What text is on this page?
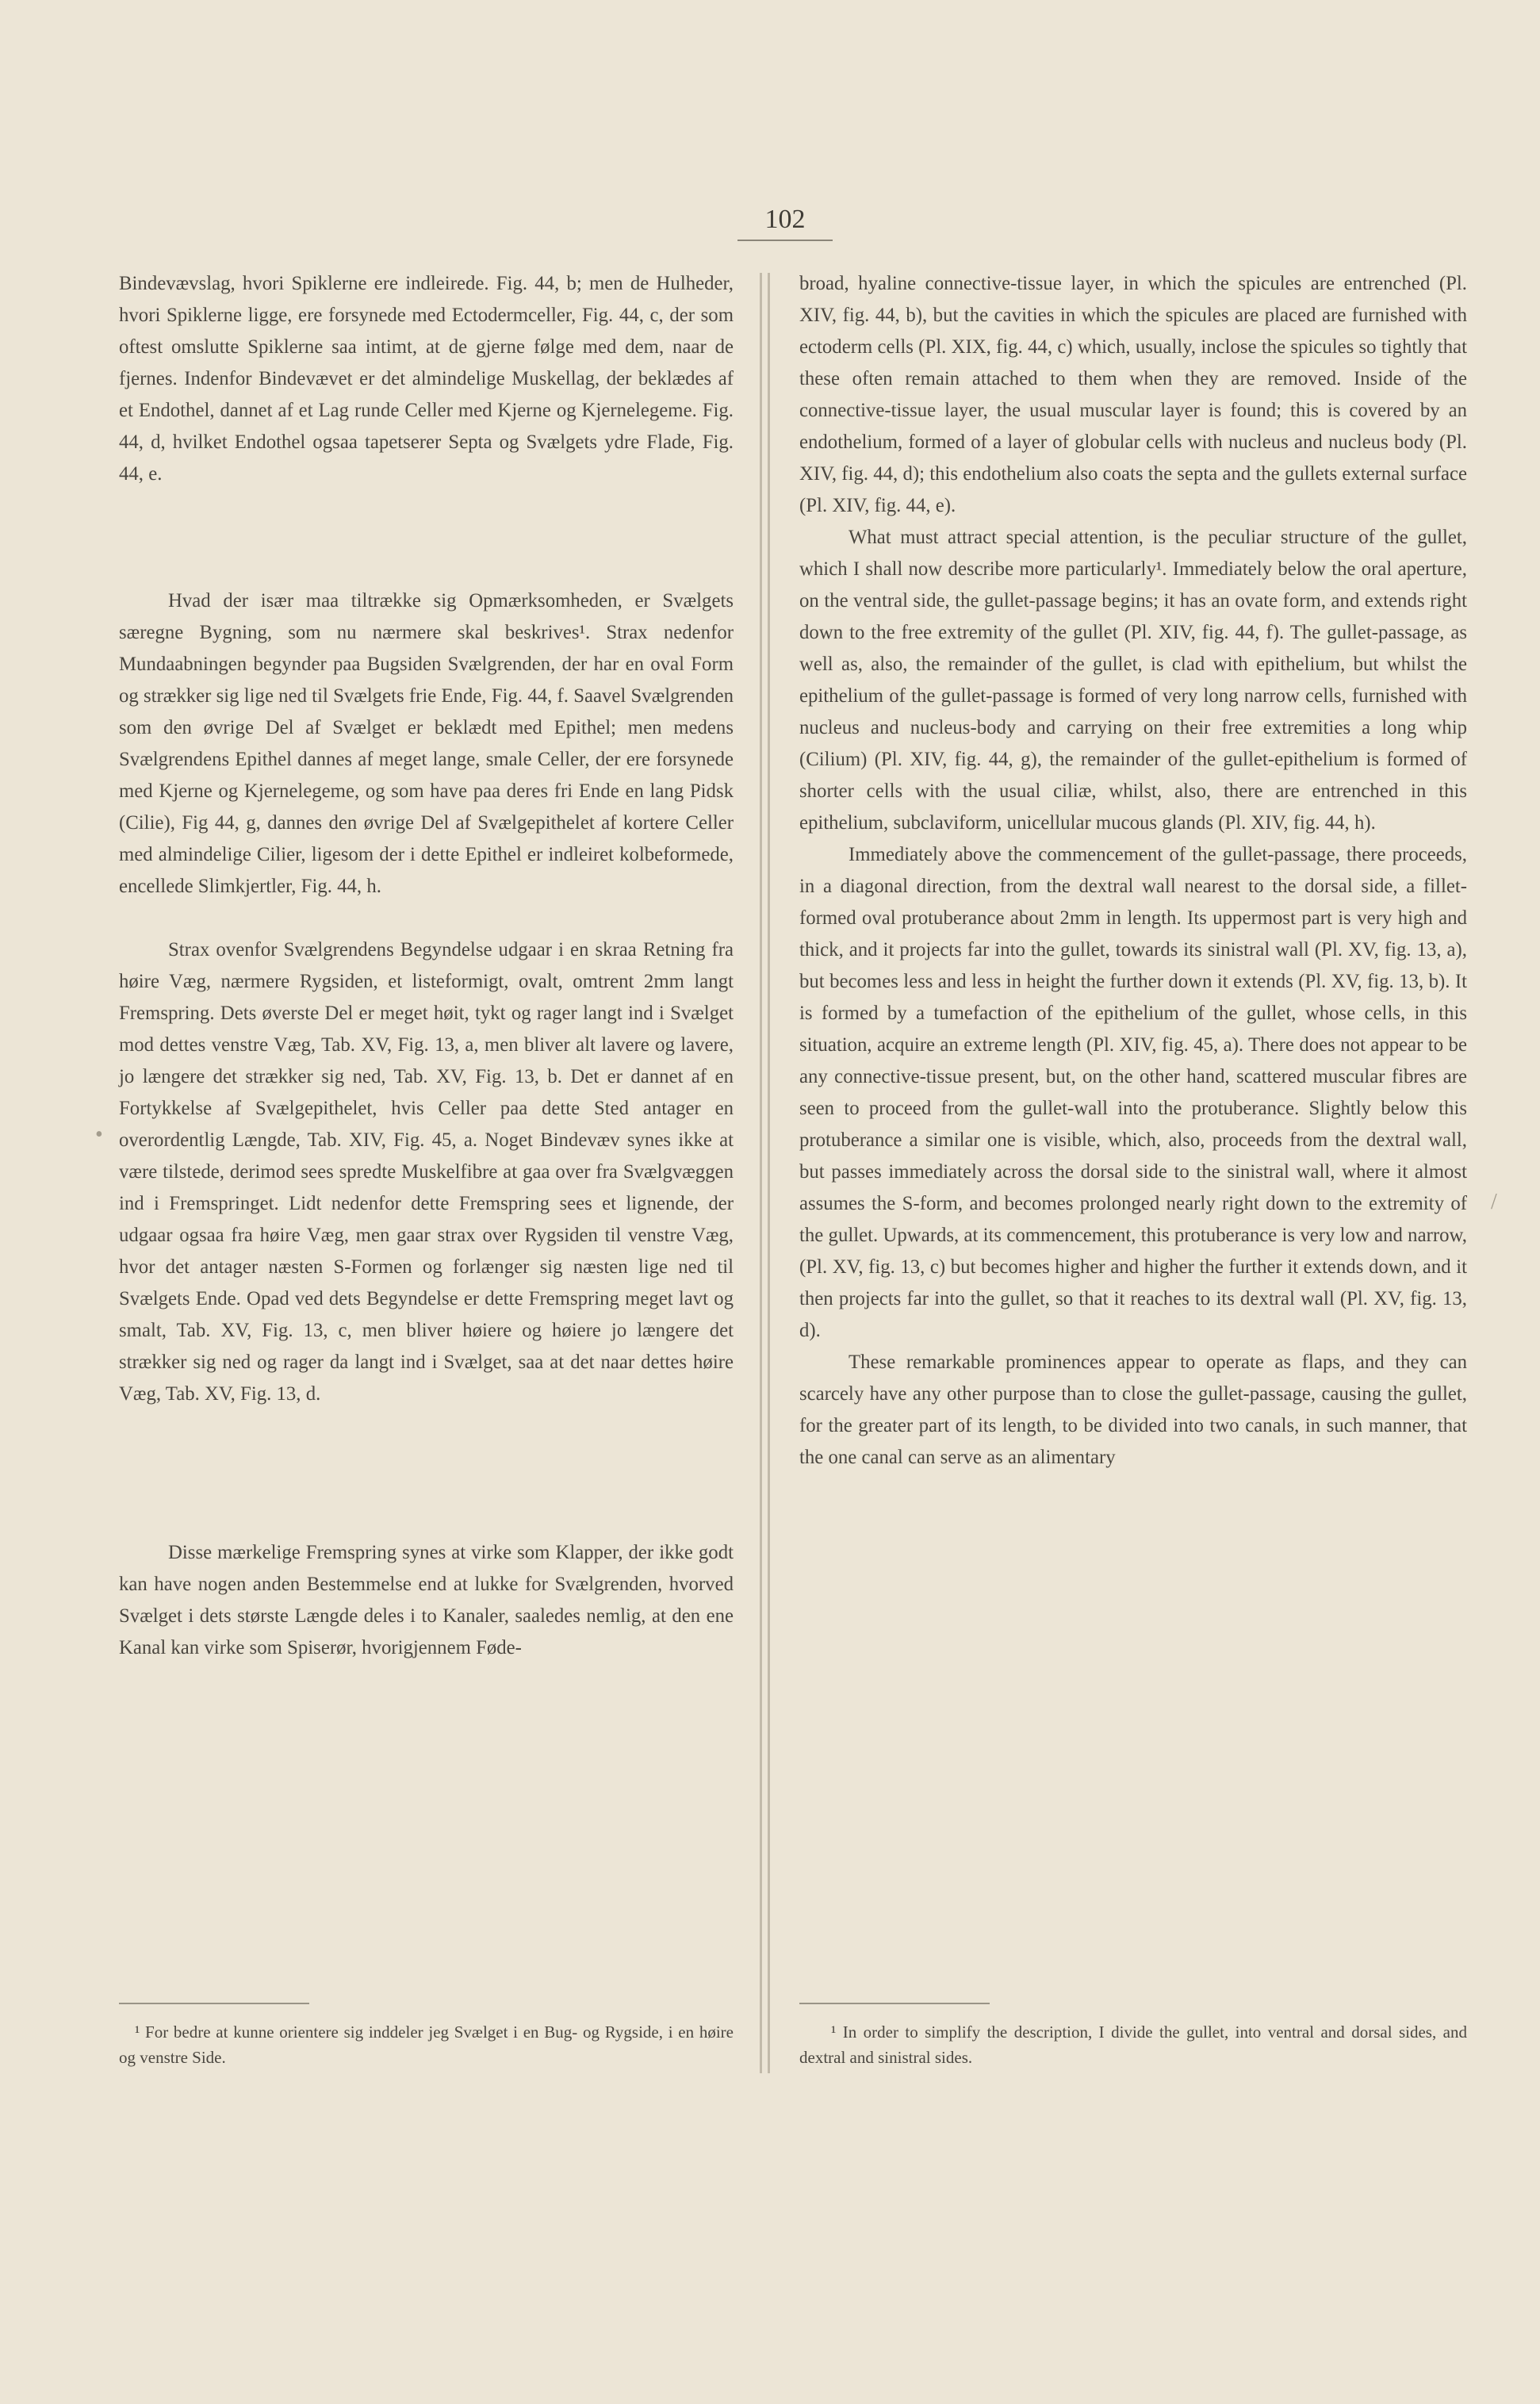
102

Bindevævslag, hvori Spiklerne ere indleirede. Fig. 44, b; men de Hulheder, hvori Spiklerne ligge, ere forsynede med Ectodermceller, Fig. 44, c, der som oftest omslutte Spiklerne saa intimt, at de gjerne følge med dem, naar de fjernes. Indenfor Bindevævet er det almindelige Muskellag, der beklædes af et Endothel, dannet af et Lag runde Celler med Kjerne og Kjernelegeme. Fig. 44, d, hvilket Endothel ogsaa tapetserer Septa og Svælgets ydre Flade, Fig. 44, e.

Hvad der især maa tiltrække sig Opmærksomheden, er Svælgets særegne Bygning, som nu nærmere skal beskrives¹. Strax nedenfor Mundaabningen begynder paa Bugsiden Svælgrenden, der har en oval Form og strækker sig lige ned til Svælgets frie Ende, Fig. 44, f. Saavel Svælgrenden som den øvrige Del af Svælget er beklædt med Epithel; men medens Svælgrendens Epithel dannes af meget lange, smale Celler, der ere forsynede med Kjerne og Kjernelegeme, og som have paa deres fri Ende en lang Pidsk (Cilie), Fig 44, g, dannes den øvrige Del af Svælgepithelet af kortere Celler med almindelige Cilier, ligesom der i dette Epithel er indleiret kolbeformede, encellede Slimkjertler, Fig. 44, h.

Strax ovenfor Svælgrendens Begyndelse udgaar i en skraa Retning fra høire Væg, nærmere Rygsiden, et listeformigt, ovalt, omtrent 2mm langt Fremspring. Dets øverste Del er meget høit, tykt og rager langt ind i Svælget mod dettes venstre Væg, Tab. XV, Fig. 13, a, men bliver alt lavere og lavere, jo længere det strækker sig ned, Tab. XV, Fig. 13, b. Det er dannet af en Fortykkelse af Svælgepithelet, hvis Celler paa dette Sted antager en overordentlig Længde, Tab. XIV, Fig. 45, a. Noget Bindevæv synes ikke at være tilstede, derimod sees spredte Muskelfibre at gaa over fra Svælgvæggen ind i Fremspringet. Lidt nedenfor dette Fremspring sees et lignende, der udgaar ogsaa fra høire Væg, men gaar strax over Rygsiden til venstre Væg, hvor det antager næsten S-Formen og forlænger sig næsten lige ned til Svælgets Ende. Opad ved dets Begyndelse er dette Fremspring meget lavt og smalt, Tab. XV, Fig. 13, c, men bliver høiere og høiere jo længere det strækker sig ned og rager da langt ind i Svælget, saa at det naar dettes høire Væg, Tab. XV, Fig. 13, d.

Disse mærkelige Fremspring synes at virke som Klapper, der ikke godt kan have nogen anden Bestemmelse end at lukke for Svælgrenden, hvorved Svælget i dets største Længde deles i to Kanaler, saaledes nemlig, at den ene Kanal kan virke som Spiserør, hvorigjennem Føde-

broad, hyaline connective-tissue layer, in which the spicules are entrenched (Pl. XIV, fig. 44, b), but the cavities in which the spicules are placed are furnished with ectoderm cells (Pl. XIX, fig. 44, c) which, usually, inclose the spicules so tightly that these often remain attached to them when they are removed. Inside of the connective-tissue layer, the usual muscular layer is found; this is covered by an endothelium, formed of a layer of globular cells with nucleus and nucleus body (Pl. XIV, fig. 44, d); this endothelium also coats the septa and the gullets external surface (Pl. XIV, fig. 44, e).

What must attract special attention, is the peculiar structure of the gullet, which I shall now describe more particularly¹. Immediately below the oral aperture, on the ventral side, the gullet-passage begins; it has an ovate form, and extends right down to the free extremity of the gullet (Pl. XIV, fig. 44, f). The gullet-passage, as well as, also, the remainder of the gullet, is clad with epithelium, but whilst the epithelium of the gullet-passage is formed of very long narrow cells, furnished with nucleus and nucleus-body and carrying on their free extremities a long whip (Cilium) (Pl. XIV, fig. 44, g), the remainder of the gullet-epithelium is formed of shorter cells with the usual ciliæ, whilst, also, there are entrenched in this epithelium, subclaviform, unicellular mucous glands (Pl. XIV, fig. 44, h).

Immediately above the commencement of the gullet-passage, there proceeds, in a diagonal direction, from the dextral wall nearest to the dorsal side, a fillet-formed oval protuberance about 2mm in length. Its uppermost part is very high and thick, and it projects far into the gullet, towards its sinistral wall (Pl. XV, fig. 13, a), but becomes less and less in height the further down it extends (Pl. XV, fig. 13, b). It is formed by a tumefaction of the epithelium of the gullet, whose cells, in this situation, acquire an extreme length (Pl. XIV, fig. 45, a). There does not appear to be any connective-tissue present, but, on the other hand, scattered muscular fibres are seen to proceed from the gullet-wall into the protuberance. Slightly below this protuberance a similar one is visible, which, also, proceeds from the dextral wall, but passes immediately across the dorsal side to the sinistral wall, where it almost assumes the S-form, and becomes prolonged nearly right down to the extremity of the gullet. Upwards, at its commencement, this protuberance is very low and narrow, (Pl. XV, fig. 13, c) but becomes higher and higher the further it extends down, and it then projects far into the gullet, so that it reaches to its dextral wall (Pl. XV, fig. 13, d).

These remarkable prominences appear to operate as flaps, and they can scarcely have any other purpose than to close the gullet-passage, causing the gullet, for the greater part of its length, to be divided into two canals, in such manner, that the one canal can serve as an alimentary

¹ For bedre at kunne orientere sig inddeler jeg Svælget i en Bug- og Rygside, i en høire og venstre Side.
¹ In order to simplify the description, I divide the gullet, into ventral and dorsal sides, and dextral and sinistral sides.
•
/
